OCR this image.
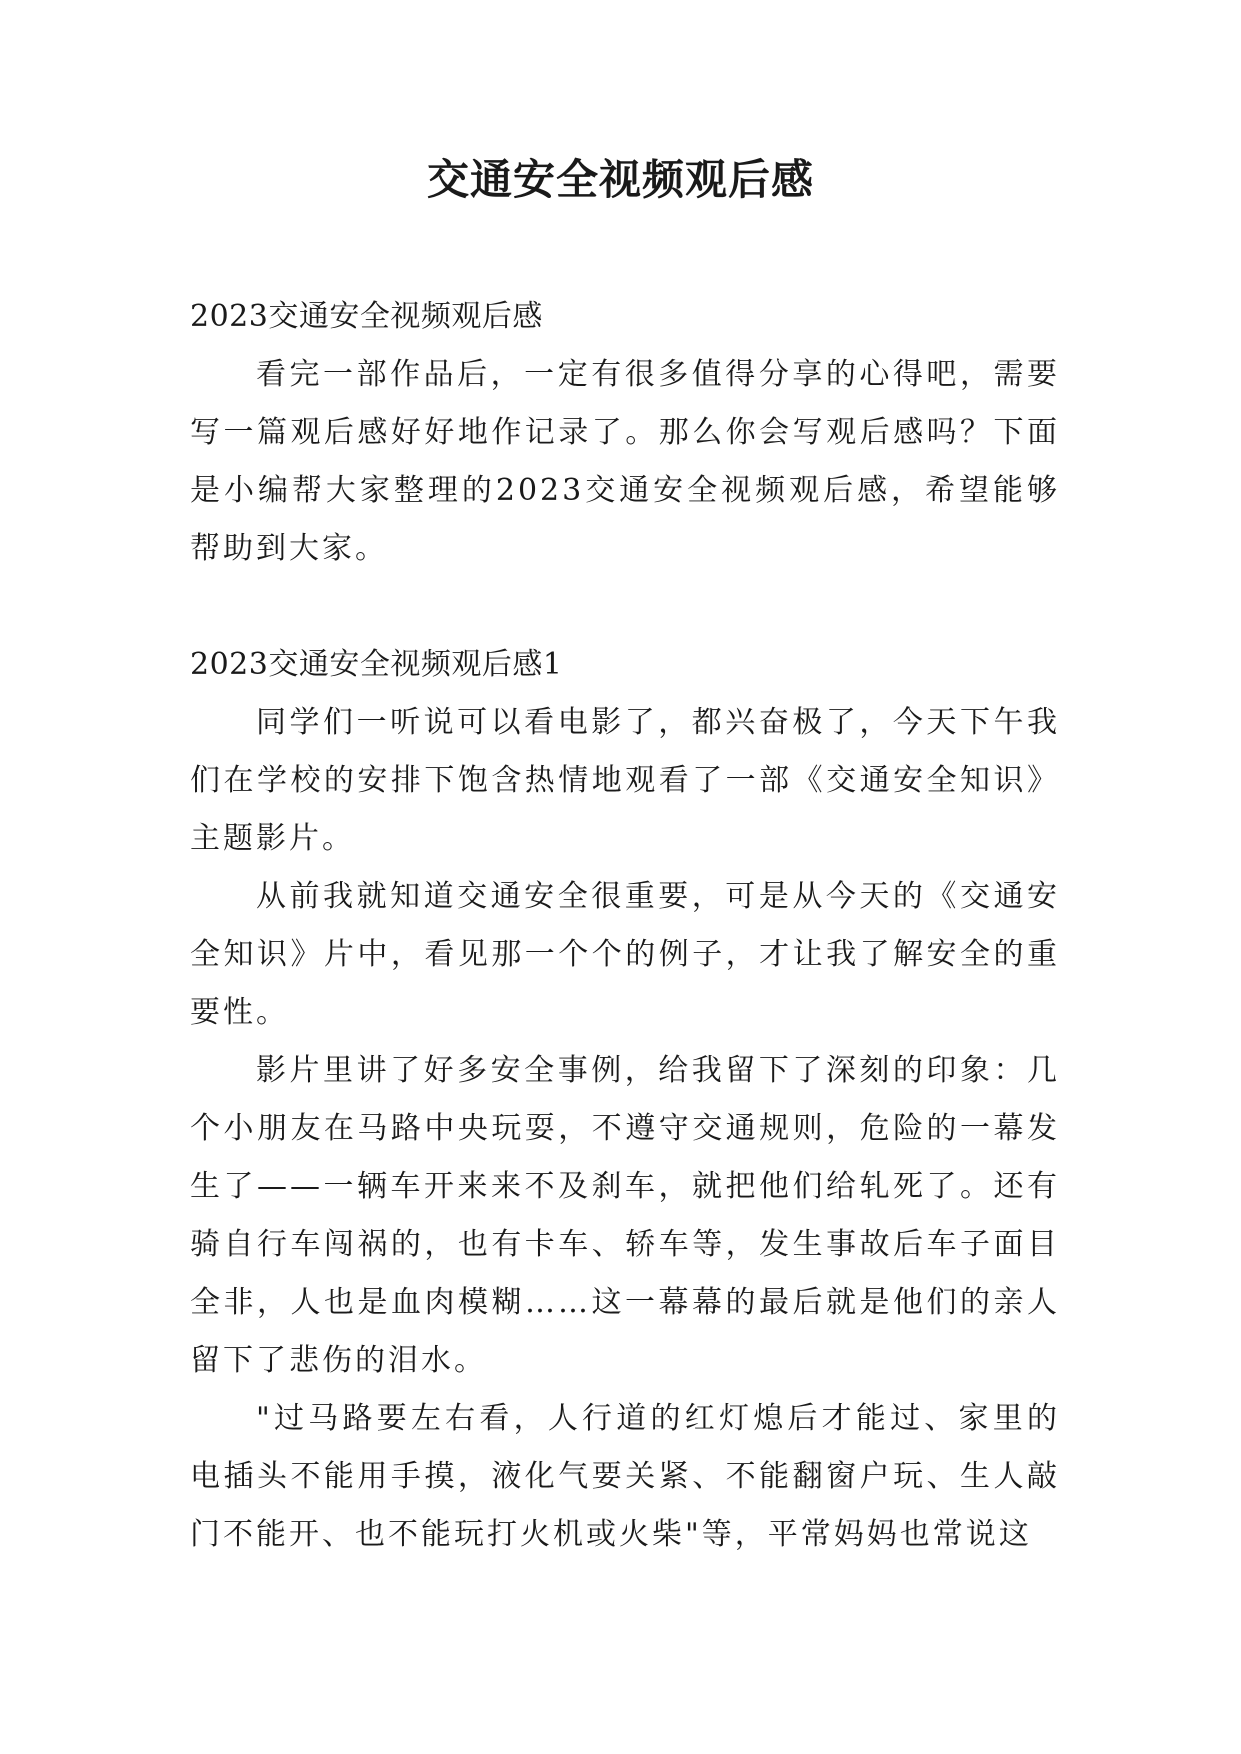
交通安全视频观后感

2023交通安全视频观后感

看完一部作品后，一定有很多值得分享的心得吧，需要写一篇观后感好好地作记录了。那么你会写观后感吗？下面是小编帮大家整理的2023交通安全视频观后感，希望能够帮助到大家。

2023交通安全视频观后感1

同学们一听说可以看电影了，都兴奋极了，今天下午我们在学校的安排下饱含热情地观看了一部《交通安全知识》主题影片。

从前我就知道交通安全很重要，可是从今天的《交通安全知识》片中，看见那一个个的例子，才让我了解安全的重要性。

影片里讲了好多安全事例，给我留下了深刻的印象：几个小朋友在马路中央玩耍，不遵守交通规则，危险的一幕发生了——一辆车开来来不及刹车，就把他们给轧死了。还有骑自行车闯祸的，也有卡车、轿车等，发生事故后车子面目全非，人也是血肉模糊……这一幕幕的最后就是他们的亲人留下了悲伤的泪水。

"过马路要左右看，人行道的红灯熄后才能过、家里的电插头不能用手摸，液化气要关紧、不能翻窗户玩、生人敲门不能开、也不能玩打火机或火柴"等，平常妈妈也常说这
